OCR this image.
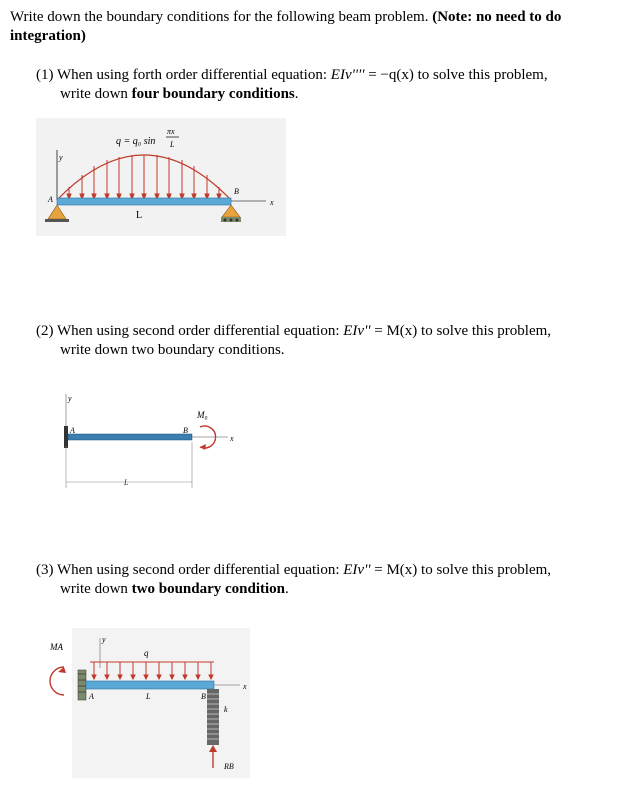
Write down the boundary conditions for the following beam problem. (Note: no need to do
integration)
(1) When using forth order differential equation: EIv'''' = −q(x) to solve this problem,
write down four boundary conditions.
q = q₀ sin
πx
L
y
x
A
B
L
(2) When using second order differential equation: EIv'' = M(x) to solve this problem,
write down two boundary conditions.
y
A	B
x
M₀
L
(3) When using second order differential equation: EIv'' = M(x) to solve this problem,
write down two boundary condition.
MA
y
q
x
A	L	B
k
RB
